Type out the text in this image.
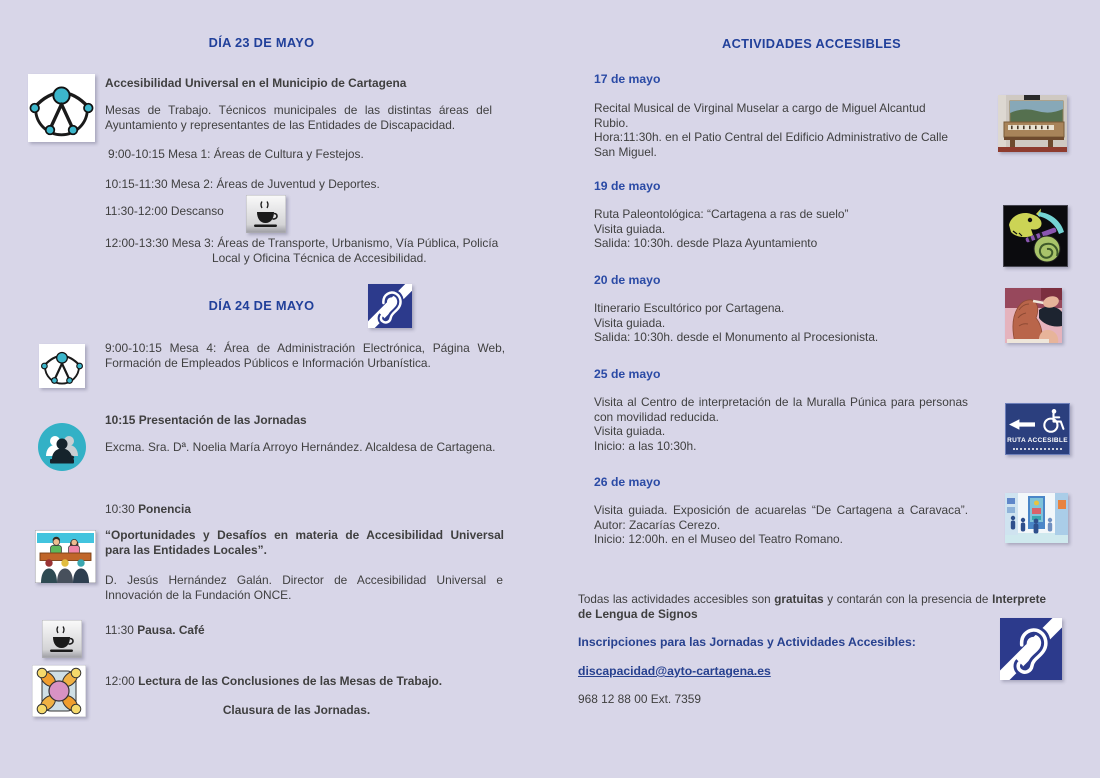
DÍA 23 DE MAYO
Accesibilidad Universal en el Municipio de Cartagena
Mesas de Trabajo. Técnicos municipales de las distintas áreas del
Ayuntamiento y representantes de las Entidades de Discapacidad.
9:00-10:15 Mesa 1: Áreas de Cultura y Festejos.
10:15-11:30 Mesa 2: Áreas de Juventud y Deportes.
11:30-12:00 Descanso
12:00-13:30 Mesa 3: Áreas de Transporte, Urbanismo, Vía Pública, Policía
Local y Oficina Técnica de Accesibilidad.
DÍA 24 DE MAYO
9:00-10:15 Mesa 4: Área de Administración Electrónica, Página Web,
Formación de Empleados Públicos e Información Urbanística.
10:15 Presentación de las Jornadas
Excma. Sra. Dª. Noelia María Arroyo Hernández. Alcaldesa de Cartagena.
10:30 Ponencia
“Oportunidades y Desafíos en materia de Accesibilidad Universal
para las Entidades Locales”.
D. Jesús Hernández Galán. Director de Accesibilidad Universal e
Innovación de la Fundación ONCE.
11:30 Pausa. Café
12:00 Lectura de las Conclusiones de las Mesas de Trabajo.
Clausura de las Jornadas.
ACTIVIDADES ACCESIBLES
17 de mayo
Recital Musical de Virginal Muselar a cargo de Miguel Alcantud
Rubio.
Hora:11:30h. en el Patio Central del Edificio Administrativo de Calle
San Miguel.
19 de mayo
Ruta Paleontológica: “Cartagena a ras de suelo”
Visita guiada.
Salida: 10:30h. desde Plaza Ayuntamiento
20 de mayo
Itinerario Escultórico por Cartagena.
Visita guiada.
Salida: 10:30h. desde el Monumento al Procesionista.
25 de mayo
Visita al Centro de interpretación de la Muralla Púnica para personas
con movilidad reducida.
Visita guiada.
Inicio: a las 10:30h.	RUTA ACCESIBLE
26 de mayo
Visita guiada. Exposición de acuarelas “De Cartagena a Caravaca”.
Autor: Zacarías Cerezo.
Inicio: 12:00h. en el Museo del Teatro Romano.
Todas las actividades accesibles son gratuitas y contarán con la presencia de Interprete
de Lengua de Signos
Inscripciones para las Jornadas y Actividades Accesibles:
discapacidad@ayto-cartagena.es
968 12 88 00 Ext. 7359
